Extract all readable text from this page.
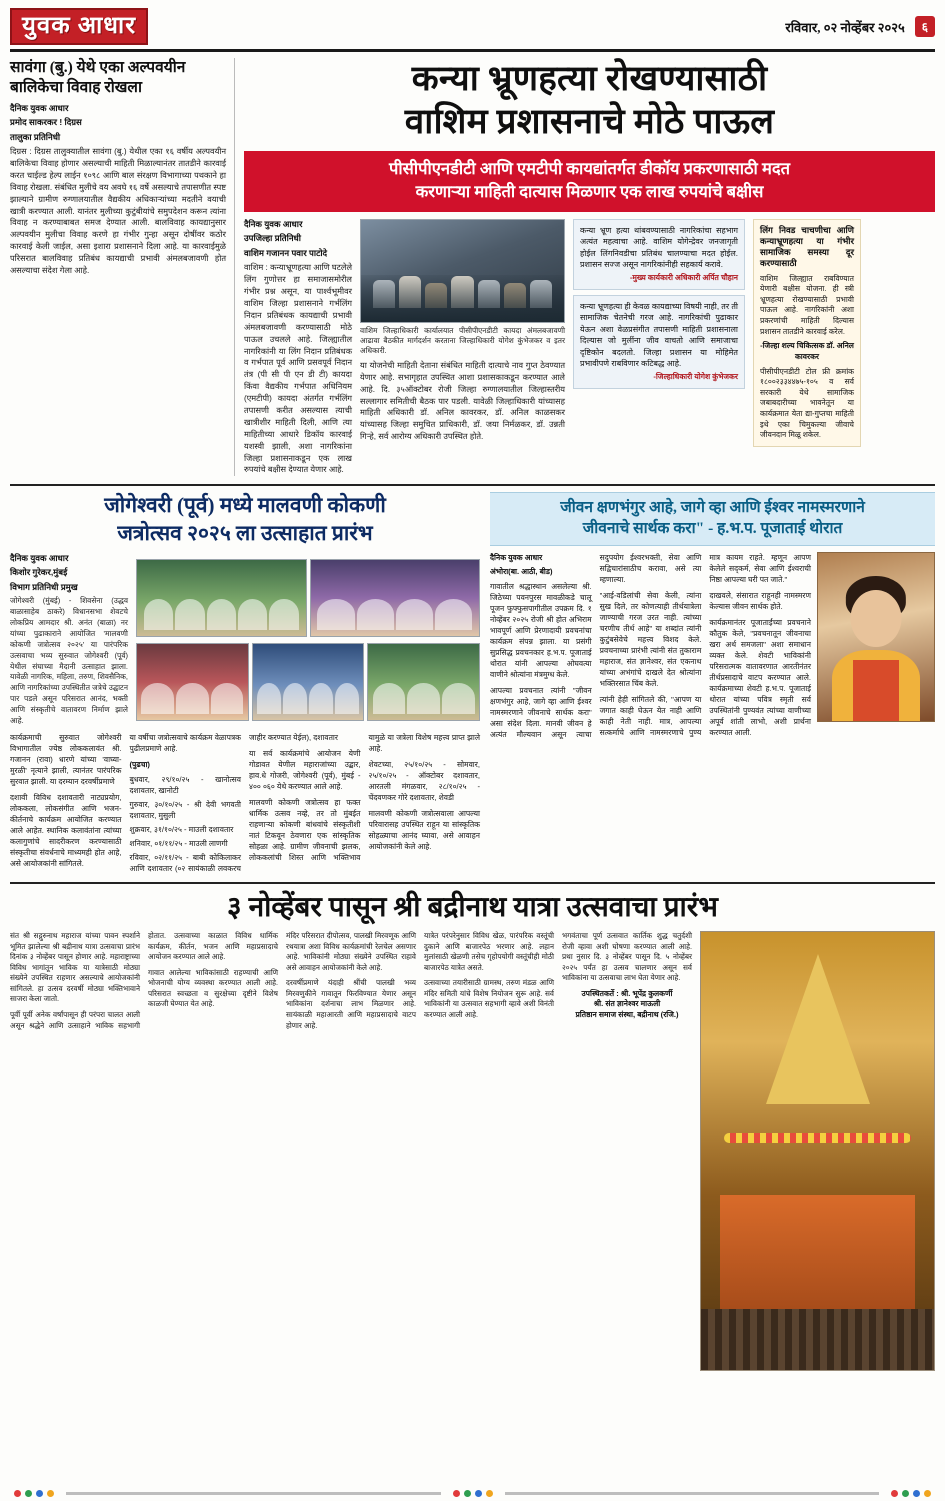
युवक आधार	रविवार, ०२ नोव्हेंबर २०२५	६
सावंगा (बु.) येथे एका अल्पवयीन बालिकेचा विवाह रोखला
दैनिक युवक आधार
प्रमोद साकरकर ! दिग्रस
तालुका प्रतिनिधी
दिग्रस : दिग्रस तालुक्यातील सावंगा (बु.) येथील एका १६ वर्षीय अल्पवयीन बालिकेचा विवाह होणार असल्याची माहिती मिळाल्यानंतर तातडीने कारवाई करत चाईल्ड हेल्प लाईन १०९८ आणि बाल संरक्षण विभागाच्या पथकाने हा विवाह रोखला. संबंधित मुलीचे वय अवघे १६ वर्षे असल्याचे तपासणीत स्पष्ट झाल्याने ग्रामीण रुग्णालयातील वैद्यकीय अधिकाऱ्यांच्या मदतीने वयाची खात्री करण्यात आली. यानंतर मुलीच्या कुटुंबीयांचे समुपदेशन करून त्यांना विवाह न करण्याबाबत समज देण्यात आली. बालविवाह कायद्यानुसार अल्पवयीन मुलीचा विवाह करणे हा गंभीर गुन्हा असून दोषींवर कठोर कारवाई केली जाईल, असा इशारा प्रशासनाने दिला आहे. या कारवाईमुळे परिसरात बालविवाह प्रतिबंध कायद्याची प्रभावी अंमलबजावणी होत असल्याचा संदेश गेला आहे.
कन्या भ्रूणहत्या रोखण्यासाठी
वाशिम प्रशासनाचे मोठे पाऊल
पीसीपीएनडीटी आणि एमटीपी कायद्यांतर्गत डीकॉय प्रकरणासाठी मदत
करणाऱ्या माहिती दात्यास मिळणार एक लाख रुपयांचे बक्षीस
दैनिक युवक आधार
उपजिल्हा प्रतिनिधी
वाशिम गजानन पवार पाटोदे
वाशिम : कन्याभ्रूणहत्या आणि घटलेले लिंग गुणोत्तर हा समाजासमोरील गंभीर प्रश्न असून, या पार्श्वभूमीवर वाशिम जिल्हा प्रशासनाने गर्भलिंग निदान प्रतिबंधक कायद्याची प्रभावी अंमलबजावणी करण्यासाठी मोठे पाऊल उचलले आहे. जिल्ह्यातील नागरिकांनी या लिंग निदान प्रतिबंधक व गर्भपात पूर्व आणि प्रसवपूर्व निदान तंत्र (पी सी पी एन डी टी) कायदा किंवा वैद्यकीय गर्भपात अधिनियम (एमटीपी) कायदा अंतर्गत गर्भलिंग तपासणी करीत असल्यास त्याची खात्रीशीर माहिती दिली, आणि त्या माहितीच्या आधारे डिकॉय कारवाई यशस्वी झाली, अशा नागरिकांना जिल्हा प्रशासनाकडून एक लाख रुपयांचे बक्षीस देण्यात येणार आहे.
वाशिम जिल्हाधिकारी कार्यालयात पीसीपीएनडीटी कायदा अंमलबजावणी आढावा बैठकीत मार्गदर्शन करताना जिल्हाधिकारी योगेश कुंभेजकर व इतर अधिकारी.
या योजनेची माहिती देताना संबंधित माहिती दात्याचे नाव गुप्त ठेवण्यात येणार आहे. सभागृहात उपस्थित आशा प्रशासकाकडून करण्यात आले आहे. दि. ३५ऑक्टोबर रोजी जिल्हा रुग्णालयातील जिल्हास्तरीय सल्लागार समितीची बैठक पार पडली. यावेळी जिल्हाधिकारी यांच्यासह माहिती अधिकारी डॉ. अनिल कावरकर, डॉ. अनिल काळसकर यांच्यासह जिल्हा समुचित प्राधिकारी, डॉ. जया निर्मळकर, डॉ. उन्नती गिऱ्हे, सर्व आरोग्य अधिकारी उपस्थित होते.
कन्या भ्रूण हत्या थांबवण्यासाठी नागरिकांचा सहभाग अत्यंत महत्वाचा आहे. वाशिम योगेन्द्रेवर जनजागृती होईल लिंगनिवडीचा प्रतिबंध चालण्याचा मदत होईल. प्रशासन सज्ज असून नागरिकांनीही सहकार्य करावे.
-मुख्य कार्यकारी अधिकारी अर्पित चौहान
कन्या भ्रूणहत्या ही केवळ कायद्याच्या विषयी नाही, तर ती सामाजिक चेतनेची गरज आहे. नागरिकांची पुढाकार येऊन अशा वेळप्रसंगीत तपासणी माहिती प्रशासनाला दिल्यास जो मुलींना जीव वाचतो आणि समाजाचा दृष्टिकोन बदलतो. जिल्हा प्रशासन या मोहिमेत प्रभावीपणे राबविणार कटिबद्ध आहे.
-जिल्हाधिकारी योगेश कुंभेजकर
लिंग निवड चाचणीचा आणि कन्याभ्रूणहत्या या गंभीर सामाजिक समस्या दूर करण्यासाठी
वाशिम जिल्ह्यात राबविण्यात येणारी बक्षीस योजना. ही स्त्री भ्रूणहत्या रोखण्यासाठी प्रभावी पाऊल आहे. नागरिकांनी अशा प्रकरणांची माहिती दिल्यास प्रशासन तातडीने कारवाई करेल.
-जिल्हा शल्य चिकित्सक डॉ. अनिल कावरकर
पीसीपीएनडीटी टोल फ्री क्रमांक १८००२३३४४७५-१०५ व सर्व सरकारी येथे सामाजिक जबाबदारीच्या भावनेतून या कार्यक्रमात येता द्या-गुप्तचा माहिती इथे एका चिमुकल्या जीवाचे जीवनदान मिळू शकेल.
जोगेश्वरी (पूर्व) मध्ये मालवणी कोकणी
जत्रोत्सव २०२५ ला उत्साहात प्रारंभ
दैनिक युवक आधार
किशोर गुरेकर,मुंबई
विभाग प्रतिनिधी प्रमुख
जोगेश्वरी (मुंबई) - शिवसेना (उद्धव बाळासाहेब ठाकरे) विधानसभा शेवटचे लोकप्रिय आमदार श्री. अनंत (बाळा) नर यांच्या पुढाकाराने आयोजित 'मालवणी कोकणी जत्रोत्सव २०२५' या पारंपरिक उत्सवाचा भव्य सुरुवात जोगेश्वरी (पूर्व) येथील संघाच्या मैदानी उत्साहात झाला. यावेळी नागरिक, महिला, तरुण, शिवसैनिक, आणि नागरिकांच्या उपस्थितीत जत्रेचे उद्घाटन पार पडले असून परिसरात आनंद, भक्ती आणि संस्कृतीचे वातावरण निर्माण झाले आहे.

कार्यक्रमाची सुरुवात जोगेश्वरी विभागातील ज्येष्ठ लोककलावंत श्री. गजानन (रावा) धारणे यांच्या 'वाघ्या-मुरळी' नृत्याने झाली, त्यानंतर पारंपरिक सुरवात झाली. या दरम्यान दरवर्षीप्रमाणे

दशावी विविध दशावतारी नाट्यप्रयोग, लोककला, लोकसंगीत आणि भजन-कीर्तनाचे कार्यक्रम आयोजित करण्यात आले आहेत. स्थानिक कलावंतांना त्यांच्या कलागुणांचे सादरीकरण करण्यासाठी संस्कृतीचा संवर्धनाचे माध्यमही होत आहे, असे आयोजकांनी सांगितले.

या वर्षीचा जत्रोत्सवाचे कार्यक्रम वेळापत्रक पुढीलप्रमाणे आहे.

(पुढचा)

बुधवार, २९/१०/२५ - खानोत्सव दशावतार, खानोटी

गुरुवार, ३०/१०/२५ - श्री देवी भगवती दशावतार, मुसुली

शुक्रवार, ३१/१०/२५ - माउली दशावतार

शनिवार, ०१/११/२५ - माउली लाणगी

रविवार, ०२/११/२५ - बाबी कोकिलाकर आणि दशावतार (०२ सायंकाळी लवकरच जाहीर करण्यात येईल), दशावतार

या सर्व कार्यक्रमांचे आयोजन येणी गोडावत येणील महाराजांच्या उद्बार, हाव.धे गोजरी, जोगेश्वरी (पूर्व), मुंबई - ४०० ०६० येथे करण्यात आले आहे.

मालवणी कोकणी जत्रोत्सव हा फक्त धार्मिक उत्सव नव्हे, तर तो मुंबईत राहणाऱ्या कोकणी बांधवांचे संस्कृतीशी नातं टिकवून ठेवणारा एक सांस्कृतिक सोहळा आहे. ग्रामीण जीवनाची झलक, लोककलांची शिस्त आणि भक्तिभाव यामुळे या जत्रेला विशेष महत्त्व प्राप्त झाले आहे.

शेवटच्या, २५/१०/२५ - सोमवार, २५/१०/२५ - ऑक्टोबर दशावतार, आरतली मंगळवार, २८/१०/२५ - चेंदवणकर गोरे दशावतार, शेवडी

मालवणी कोकणी जत्रोत्सवाला आपल्या परिवारासह उपस्थित राहून या सांस्कृतिक सोहळ्याचा आनंद घ्यावा, असे आवाहन आयोजकांनी केले आहे.

जीवन क्षणभंगुर आहे, जागे व्हा आणि ईश्वर नामस्मरणाने
जीवनाचे सार्थक करा" - ह.भ.प. पूजाताई थोरात

दैनिक युवक आधार

अंभोरा(बा. आठी, बीड)

गावातील श्रद्धास्थान असलेल्या श्री. जिठेच्या पवनपुरस मावळीकडे चालू पूजन फुफ्फुसपागीतील उपक्रम दि. १ नोव्हेंबर २०२५ रोजी श्री होत अभिराम भावपूर्ण आणि प्रेरणादायी प्रवचनांचा कार्यक्रम संपन्न झाला. या प्रसंगी सुप्रसिद्ध प्रवचनकार ह.भ.प. पूजाताई थोरात यांनी आपल्या ओघवत्या वाणीने श्रोत्यांना मंत्रमुग्ध केले.

आपल्या प्रवचनात त्यांनी "जीवन क्षणभंगुर आहे, जागे व्हा आणि ईश्वर नामस्मरणाने जीवनाचे सार्थक करा" असा संदेश दिला. मानवी जीवन हे अत्यंत मौल्यवान असून त्याचा सदुपयोग ईश्वरभक्ती, सेवा आणि सद्विचारांसाठीच करावा, असे त्या म्हणाल्या.

"आई-वडिलांची सेवा केली, त्यांना सुख दिले, तर कोणत्याही तीर्थयात्रेला जाण्याची गरज उरत नाही. त्यांच्या चरणीच तीर्थ आहे" या शब्दांत त्यांनी कुटुंबसेवेचे महत्त्व विशद केले. प्रवचनाच्या प्रारंभी त्यांनी संत तुकाराम महाराज, संत ज्ञानेश्वर, संत एकनाथ यांच्या अभंगांचे दाखले देत श्रोत्यांना भक्तिरसात चिंब केले.

त्यांनी हेही सांगितले की, "आपण या जगात काही घेऊन येत नाही आणि काही नेती नाही. मात्र, आपल्या सत्कर्माचे आणि नामस्मरणाचे पुण्य मात्र कायम राहते. म्हणून आपण केलेले सद्कर्म, सेवा आणि ईश्वराची निष्ठा आपल्या घरी पत जाते."

दाखवले, संसारात राहूनही नामस्मरण केल्यास जीवन सार्थक होते.

कार्यक्रमानंतर पूजाताईंच्या प्रवचनाने कौतुक केले, "प्रवचनातून जीवनाचा खरा अर्थ समजला" अशा समाधान व्यक्त केले. शेवटी भाविकांनी परिसरात्मक वातावरणात आरतीनंतर तीर्थप्रसादाचे वाटप करण्यात आले. कार्यक्रमाच्या शेवटी ह.भ.प. पूजाताई थोरात यांच्या पवित्र स्मृती सर्व उपस्थितांनी पुण्यवंत त्यांच्या वाणीच्या अपूर्व शांती लाभो, अशी प्रार्थना करण्यात आली.

३ नोव्हेंबर पासून श्री बद्रीनाथ यात्रा उत्सवाचा प्रारंभ

संत श्री सद्गुरुनाथ महाराज यांच्या पावन स्पर्शाने भूमित झालेल्या श्री बद्रीनाथ यात्रा उत्सवाचा प्रारंभ दिनांक ३ नोव्हेंबर पासून होणार आहे. महाराष्ट्राच्या विविध भागांतून भाविक या यात्रेसाठी मोठ्या संख्येने उपस्थित राहणार असल्याचे आयोजकांनी सांगितले. हा उत्सव दरवर्षी मोठ्या भक्तिभावाने साजरा केला जातो.

पूर्वी पूर्वी अनेक वर्षांपासून ही परंपरा चालत आली असून श्रद्धेने आणि उत्साहाने भाविक सहभागी होतात. उत्सवाच्या काळात विविध धार्मिक कार्यक्रम, कीर्तन, भजन आणि महाप्रसादाचे आयोजन करण्यात आले आहे.

गावात आलेल्या भाविकांसाठी राहण्याची आणि भोजनाची योग्य व्यवस्था करण्यात आली आहे. परिसरात स्वच्छता व सुरक्षेच्या दृष्टीने विशेष काळजी घेण्यात येत आहे.

मंदिर परिसरात दीपोत्सव, पालखी मिरवणूक आणि रथयात्रा अशा विविध कार्यक्रमांची रेलचेल असणार आहे. भाविकांनी मोठ्या संख्येने उपस्थित राहावे असे आवाहन आयोजकांनी केले आहे.

दरवर्षीप्रमाणे यंदाही श्रींची पालखी भव्य मिरवणुकीने गावातून फिरविण्यात येणार असून भाविकांना दर्शनाचा लाभ मिळणार आहे. सायंकाळी महाआरती आणि महाप्रसादाचे वाटप होणार आहे.

यात्रेत परंपरेनुसार विविध खेळ, पारंपरिक वस्तूंची दुकाने आणि बाजारपेठ भरणार आहे. लहान मुलांसाठी खेळणी तसेच गृहोपयोगी वस्तूंचीही मोठी बाजारपेठ यात्रेत असते.

उत्सवाच्या तयारीसाठी ग्रामस्थ, तरुण मंडळ आणि मंदिर समिती यांचे विशेष नियोजन सुरू आहे. सर्व भाविकांनी या उत्सवात सहभागी व्हावे अशी विनंती करण्यात आली आहे.

भगवंताचा पूर्ण उत्सवात कार्तिक शुद्ध चतुर्दशी रोजी व्हावा अशी घोषणा करण्यात आली आहे. प्रथा नुसार दि. ३ नोव्हेंबर पासून दि. ५ नोव्हेंबर २०२५ पर्यंत हा उत्सव चालणार असून सर्व भाविकांना या उत्सवाचा लाभ घेता येणार आहे.

उपस्थितकर्ते : श्री. भूपेंद्र कुलकर्णी

श्री. संत ज्ञानेश्वर माऊली

प्रतिष्ठान समाज संस्था, बद्रीनाथ (रजि.)
